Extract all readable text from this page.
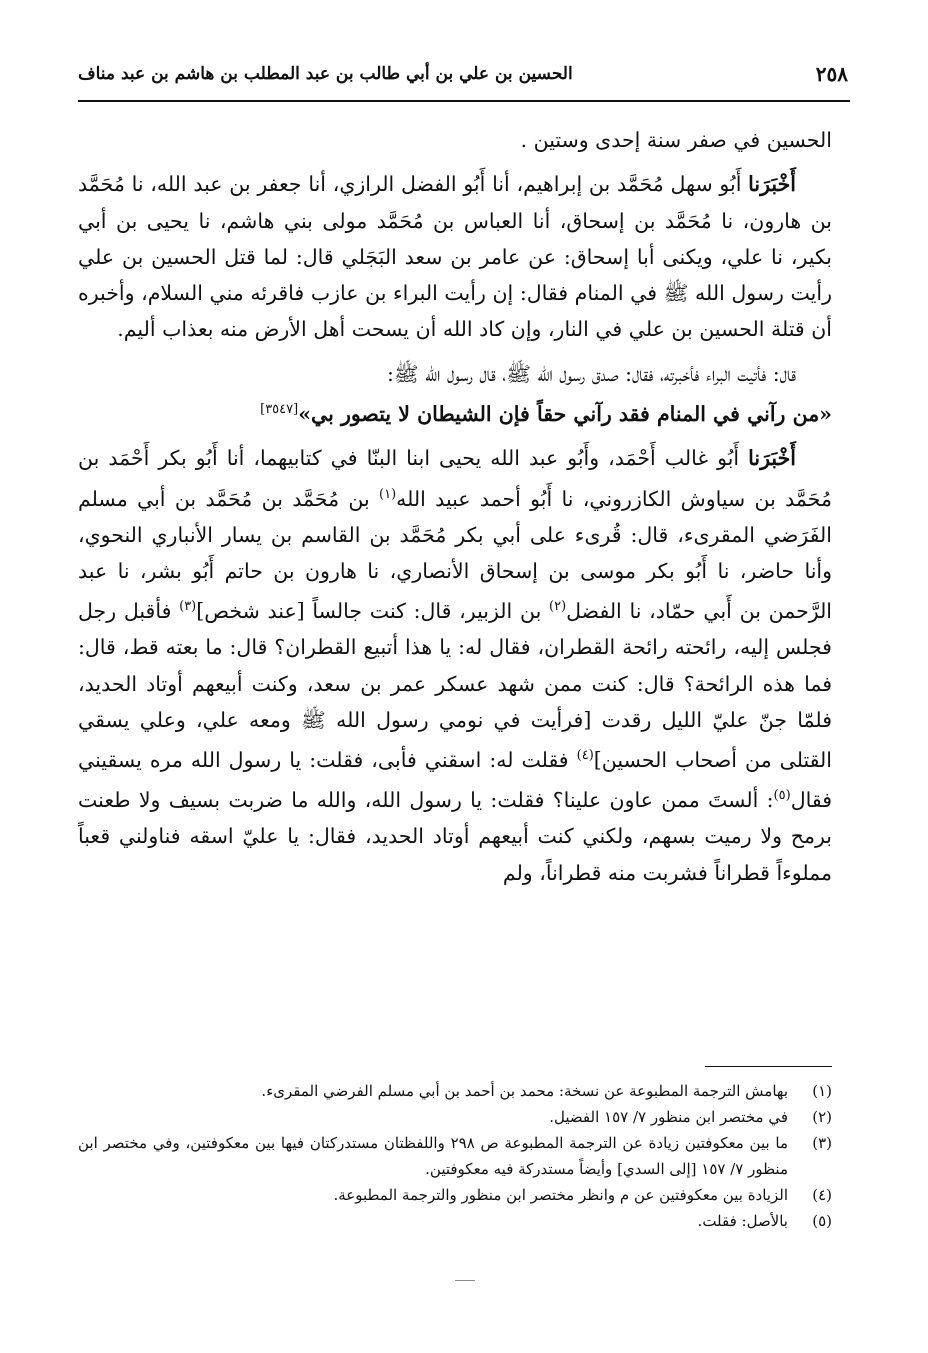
٢٥٨
الحسين بن علي بن أبي طالب بن عبد المطلب بن هاشم بن عبد مناف

الحسين في صفر سنة إحدى وستين .

أَخْبَرَنا أَبُو سهل مُحَمَّد بن إبراهيم، أنا أَبُو الفضل الرازي، أنا جعفر بن عبد الله، نا مُحَمَّد بن هارون، نا مُحَمَّد بن إسحاق، أنا العباس بن مُحَمَّد مولى بني هاشم، نا يحيى بن أبي بكير، نا علي، ويكنى أبا إسحاق: عن عامر بن سعد البَجَلي قال: لما قتل الحسين بن علي رأيت رسول الله ﷺ في المنام فقال: إن رأيت البراء بن عازب فاقرئه مني السلام، وأخبره أن قتلة الحسين بن علي في النار، وإن كاد الله أن يسحت أهل الأرض منه بعذاب أليم.

قال: فأتيت البراء فأخبرته، فقال: صدق رسول الله ﷺ، قال رسول الله ﷺ:
«من رآني في المنام فقد رآني حقاً فإن الشيطان لا يتصور بي»[٣٥٤٧]

أَخْبَرَنا أَبُو غالب أَحْمَد، وأَبُو عبد الله يحيى ابنا البنّا في كتابيهما، أنا أَبُو بكر أَحْمَد بن مُحَمَّد بن سياوش الكازروني، نا أَبُو أحمد عبيد الله$^{(١)}$ بن مُحَمَّد بن مُحَمَّد بن أبي مسلم الفَرَضي المقرىء، قال: قُرىء على أبي بكر مُحَمَّد بن القاسم بن يسار الأنباري النحوي، وأنا حاضر، نا أَبُو بكر موسى بن إسحاق الأنصاري، نا هارون بن حاتم أَبُو بشر، نا عبد الرَّحمن بن أَبي حمّاد، نا الفضل$^{(٢)}$ بن الزبير، قال: كنت جالساً [عند شخص]$^{(٣)}$ فأقبل رجل فجلس إليه، رائحته رائحة القطران، فقال له: يا هذا أتبيع القطران؟ قال: ما بعته قط، قال: فما هذه الرائحة؟ قال: كنت ممن شهد عسكر عمر بن سعد، وكنت أبيعهم أوتاد الحديد، فلمّا جنّ عليّ الليل رقدت [فرأيت في نومي رسول الله ﷺ ومعه علي، وعلي يسقي القتلى من أصحاب الحسين]$^{(٤)}$ فقلت له: اسقني فأبى، فقلت: يا رسول الله مره يسقيني فقال$^{(٥)}$: ألستَ ممن عاون علينا؟ فقلت: يا رسول الله، والله ما ضربت بسيف ولا طعنت برمح ولا رميت بسهم، ولكني كنت أبيعهم أوتاد الحديد، فقال: يا عليّ اسقه فناولني قعباً مملوءاً قطراناً فشربت منه قطراناً، ولم

(١)
بهامش الترجمة المطبوعة عن نسخة: محمد بن أحمد بن أبي مسلم الفرضي المقرىء.
(٢)
في مختصر ابن منظور ٧/ ١٥٧ الفضيل.
(٣)
ما بين معكوفتين زيادة عن الترجمة المطبوعة ص ٢٩٨ واللفظتان مستدركتان فيها بين معكوفتين، وفي مختصر ابن منظور ٧/ ١٥٧ [إلى السدي] وأيضاً مستدركة فيه معكوفتين.
(٤)
الزيادة بين معكوفتين عن م وانظر مختصر ابن منظور والترجمة المطبوعة.
(٥)
بالأصل: فقلت.
